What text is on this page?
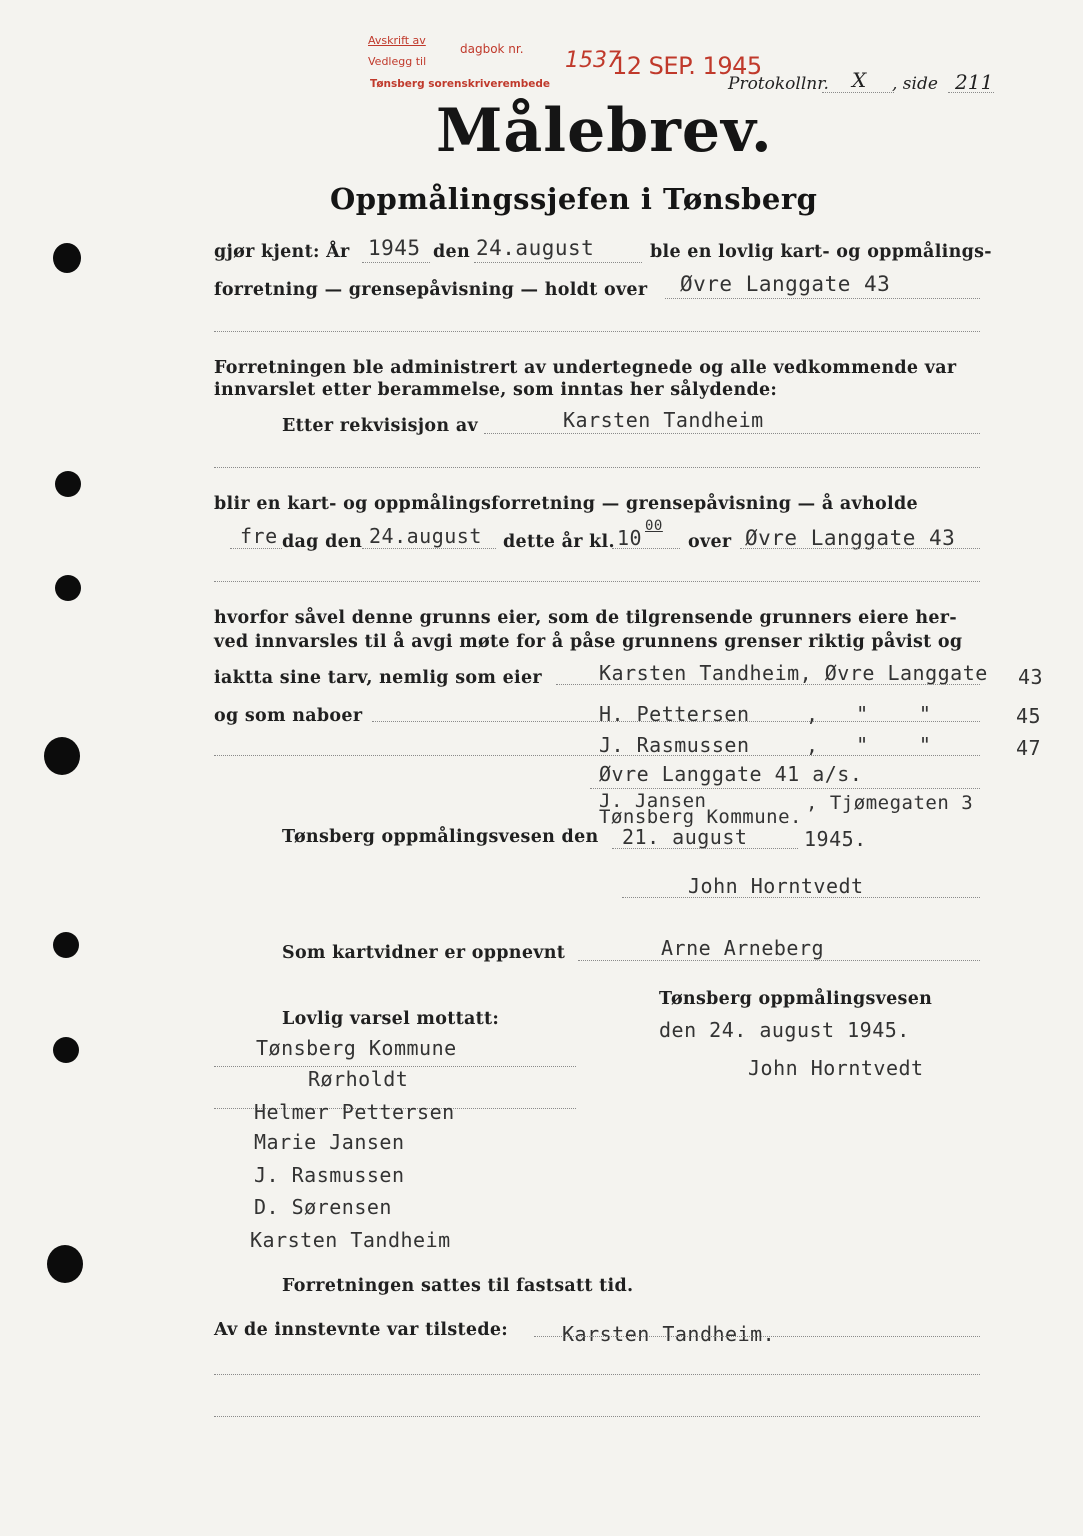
Avskrift av
dagbok nr.
Vedlegg til
Tønsberg sorenskriverembede
1537
12 SEP. 1945
Protokollnr. X , side 211
Målebrev.
Oppmålingssjefen i Tønsberg
gjør kjent: År 1945 den 24.august	ble en lovlig kart- og oppmålings-
forretning — grensepåvisning — holdt over Øvre Langgate 43
Forretningen ble administrert av undertegnede og alle vedkommende var
innvarslet etter berammelse, som inntas her sålydende:
Etter rekvisisjon av	Karsten Tandheim
blir en kart- og oppmålingsforretning — grensepåvisning — å avholde
fre dag den 24.august dette år kl. 10 00
over Øvre Langgate 43
hvorfor såvel denne grunns eier, som de tilgrensende grunners eiere her-
ved innvarsles til å avgi møte for å påse grunnens grenser riktig påvist og
iaktta sine tarv, nemlig som eier	Karsten Tandheim, Øvre Langgate 43
og som naboer	H. Pettersen	,   "    "	45
J. Rasmussen	,   "    "	47
Øvre Langgate 41 a/s.
J. Jansen	, Tjømegaten 3
Tønsberg Kommune.
Tønsberg oppmålingsvesen den 21. august	1945.
John Horntvedt
Som kartvidner er oppnevnt	Arne Arneberg
Lovlig varsel mottatt:
Tønsberg Kommune
Rørholdt
Helmer Pettersen
Marie Jansen
J. Rasmussen
D. Sørensen
Karsten Tandheim
Tønsberg oppmålingsvesen
den 24. august 1945.
John Horntvedt
Forretningen sattes til fastsatt tid.
Av de innstevnte var tilstede:	Karsten Tandheim.
